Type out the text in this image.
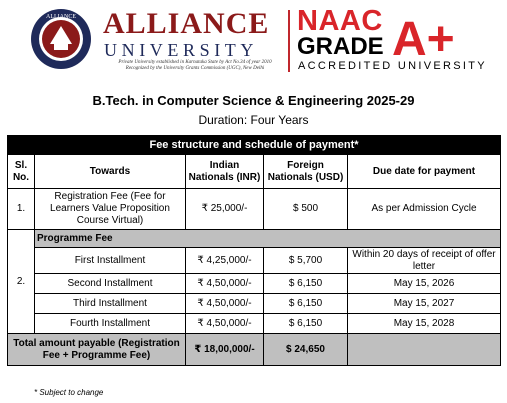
ALLIANCE ALLIANCE
UNIVERSITY
Private University established in Karnataka State by Act No.34 of year 2010 Recognized by the University Grants Commission (UGC), New Delhi
NAAC
GRADE A+
ACCREDITED UNIVERSITY
B.Tech. in Computer Science & Engineering 2025-29
Duration: Four Years
Fee structure and schedule of payment*				
Sl. No.	Towards	Indian Nationals (INR)	Foreign Nationals (USD)	Due date for payment
1.	Registration Fee (Fee for Learners Value Proposition Course Virtual)	₹ 25,000/-	$ 500	As per Admission Cycle
2.	Programme Fee			
	First Installment	₹ 4,25,000/-	$ 5,700	Within 20 days of receipt of offer letter
	Second Installment	₹ 4,50,000/-	$ 6,150	May 15, 2026
	Third Installment	₹ 4,50,000/-	$ 6,150	May 15, 2027
	Fourth Installment	₹ 4,50,000/-	$ 6,150	May 15, 2028
Total amount payable (Registration Fee + Programme Fee)		₹ 18,00,000/-	$ 24,650	
* Subject to change
